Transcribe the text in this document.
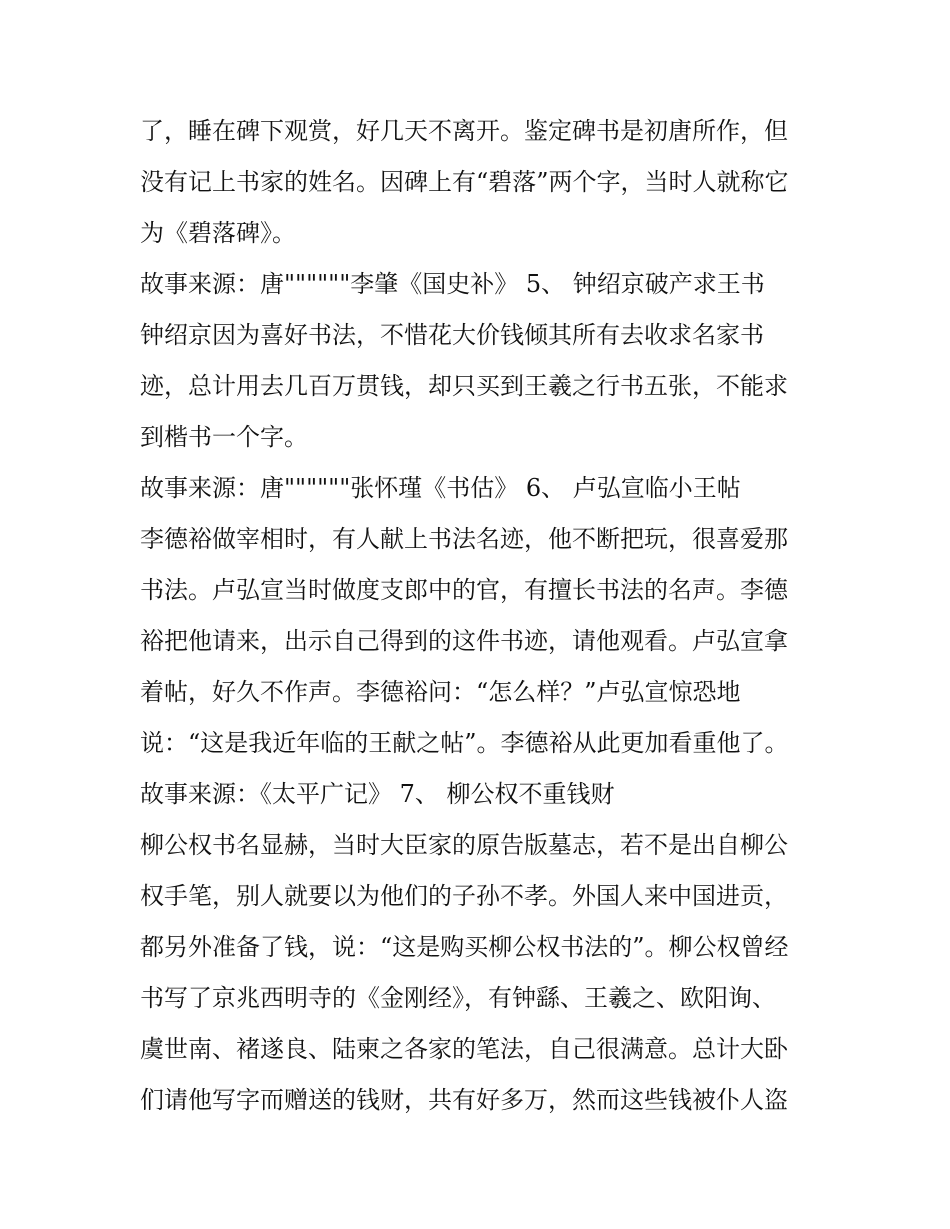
了，睡在碑下观赏，好几天不离开。鉴定碑书是初唐所作，但
没有记上书家的姓名。因碑上有“碧落”两个字，当时人就称它
为《碧落碑》。
故事来源：唐""""""李肇《国史补》 5、 钟绍京破产求王书
钟绍京因为喜好书法，不惜花大价钱倾其所有去收求名家书
迹，总计用去几百万贯钱，却只买到王羲之行书五张，不能求
到楷书一个字。
故事来源：唐""""""张怀瑾《书估》 6、 卢弘宣临小王帖
李德裕做宰相时，有人献上书法名迹，他不断把玩，很喜爱那
书法。卢弘宣当时做度支郎中的官，有擅长书法的名声。李德
裕把他请来，出示自己得到的这件书迹，请他观看。卢弘宣拿
着帖，好久不作声。李德裕问：“怎么样？”卢弘宣惊恐地
说：“这是我近年临的王献之帖”。李德裕从此更加看重他了。
故事来源：《太平广记》 7、 柳公权不重钱财
柳公权书名显赫，当时大臣家的原告版墓志，若不是出自柳公
权手笔，别人就要以为他们的子孙不孝。外国人来中国进贡，
都另外准备了钱，说：“这是购买柳公权书法的”。柳公权曾经
书写了京兆西明寺的《金刚经》，有钟繇、王羲之、欧阳询、
虞世南、褚遂良、陆柬之各家的笔法，自己很满意。总计大卧
们请他写字而赠送的钱财，共有好多万，然而这些钱被仆人盗
